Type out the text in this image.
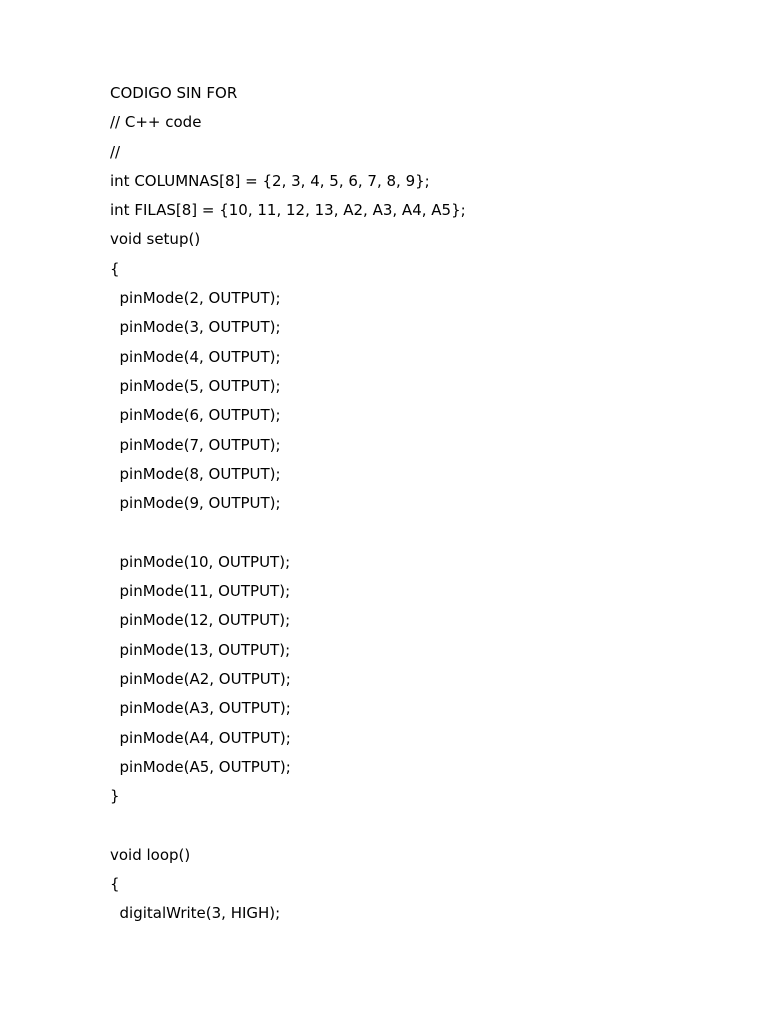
CODIGO SIN FOR
// C++ code
//
int COLUMNAS[8] = {2, 3, 4, 5, 6, 7, 8, 9};
int FILAS[8] = {10, 11, 12, 13, A2, A3, A4, A5};
void setup()
{
pinMode(2, OUTPUT);
pinMode(3, OUTPUT);
pinMode(4, OUTPUT);
pinMode(5, OUTPUT);
pinMode(6, OUTPUT);
pinMode(7, OUTPUT);
pinMode(8, OUTPUT);
pinMode(9, OUTPUT);
pinMode(10, OUTPUT);
pinMode(11, OUTPUT);
pinMode(12, OUTPUT);
pinMode(13, OUTPUT);
pinMode(A2, OUTPUT);
pinMode(A3, OUTPUT);
pinMode(A4, OUTPUT);
pinMode(A5, OUTPUT);
}
void loop()
{
digitalWrite(3, HIGH);
